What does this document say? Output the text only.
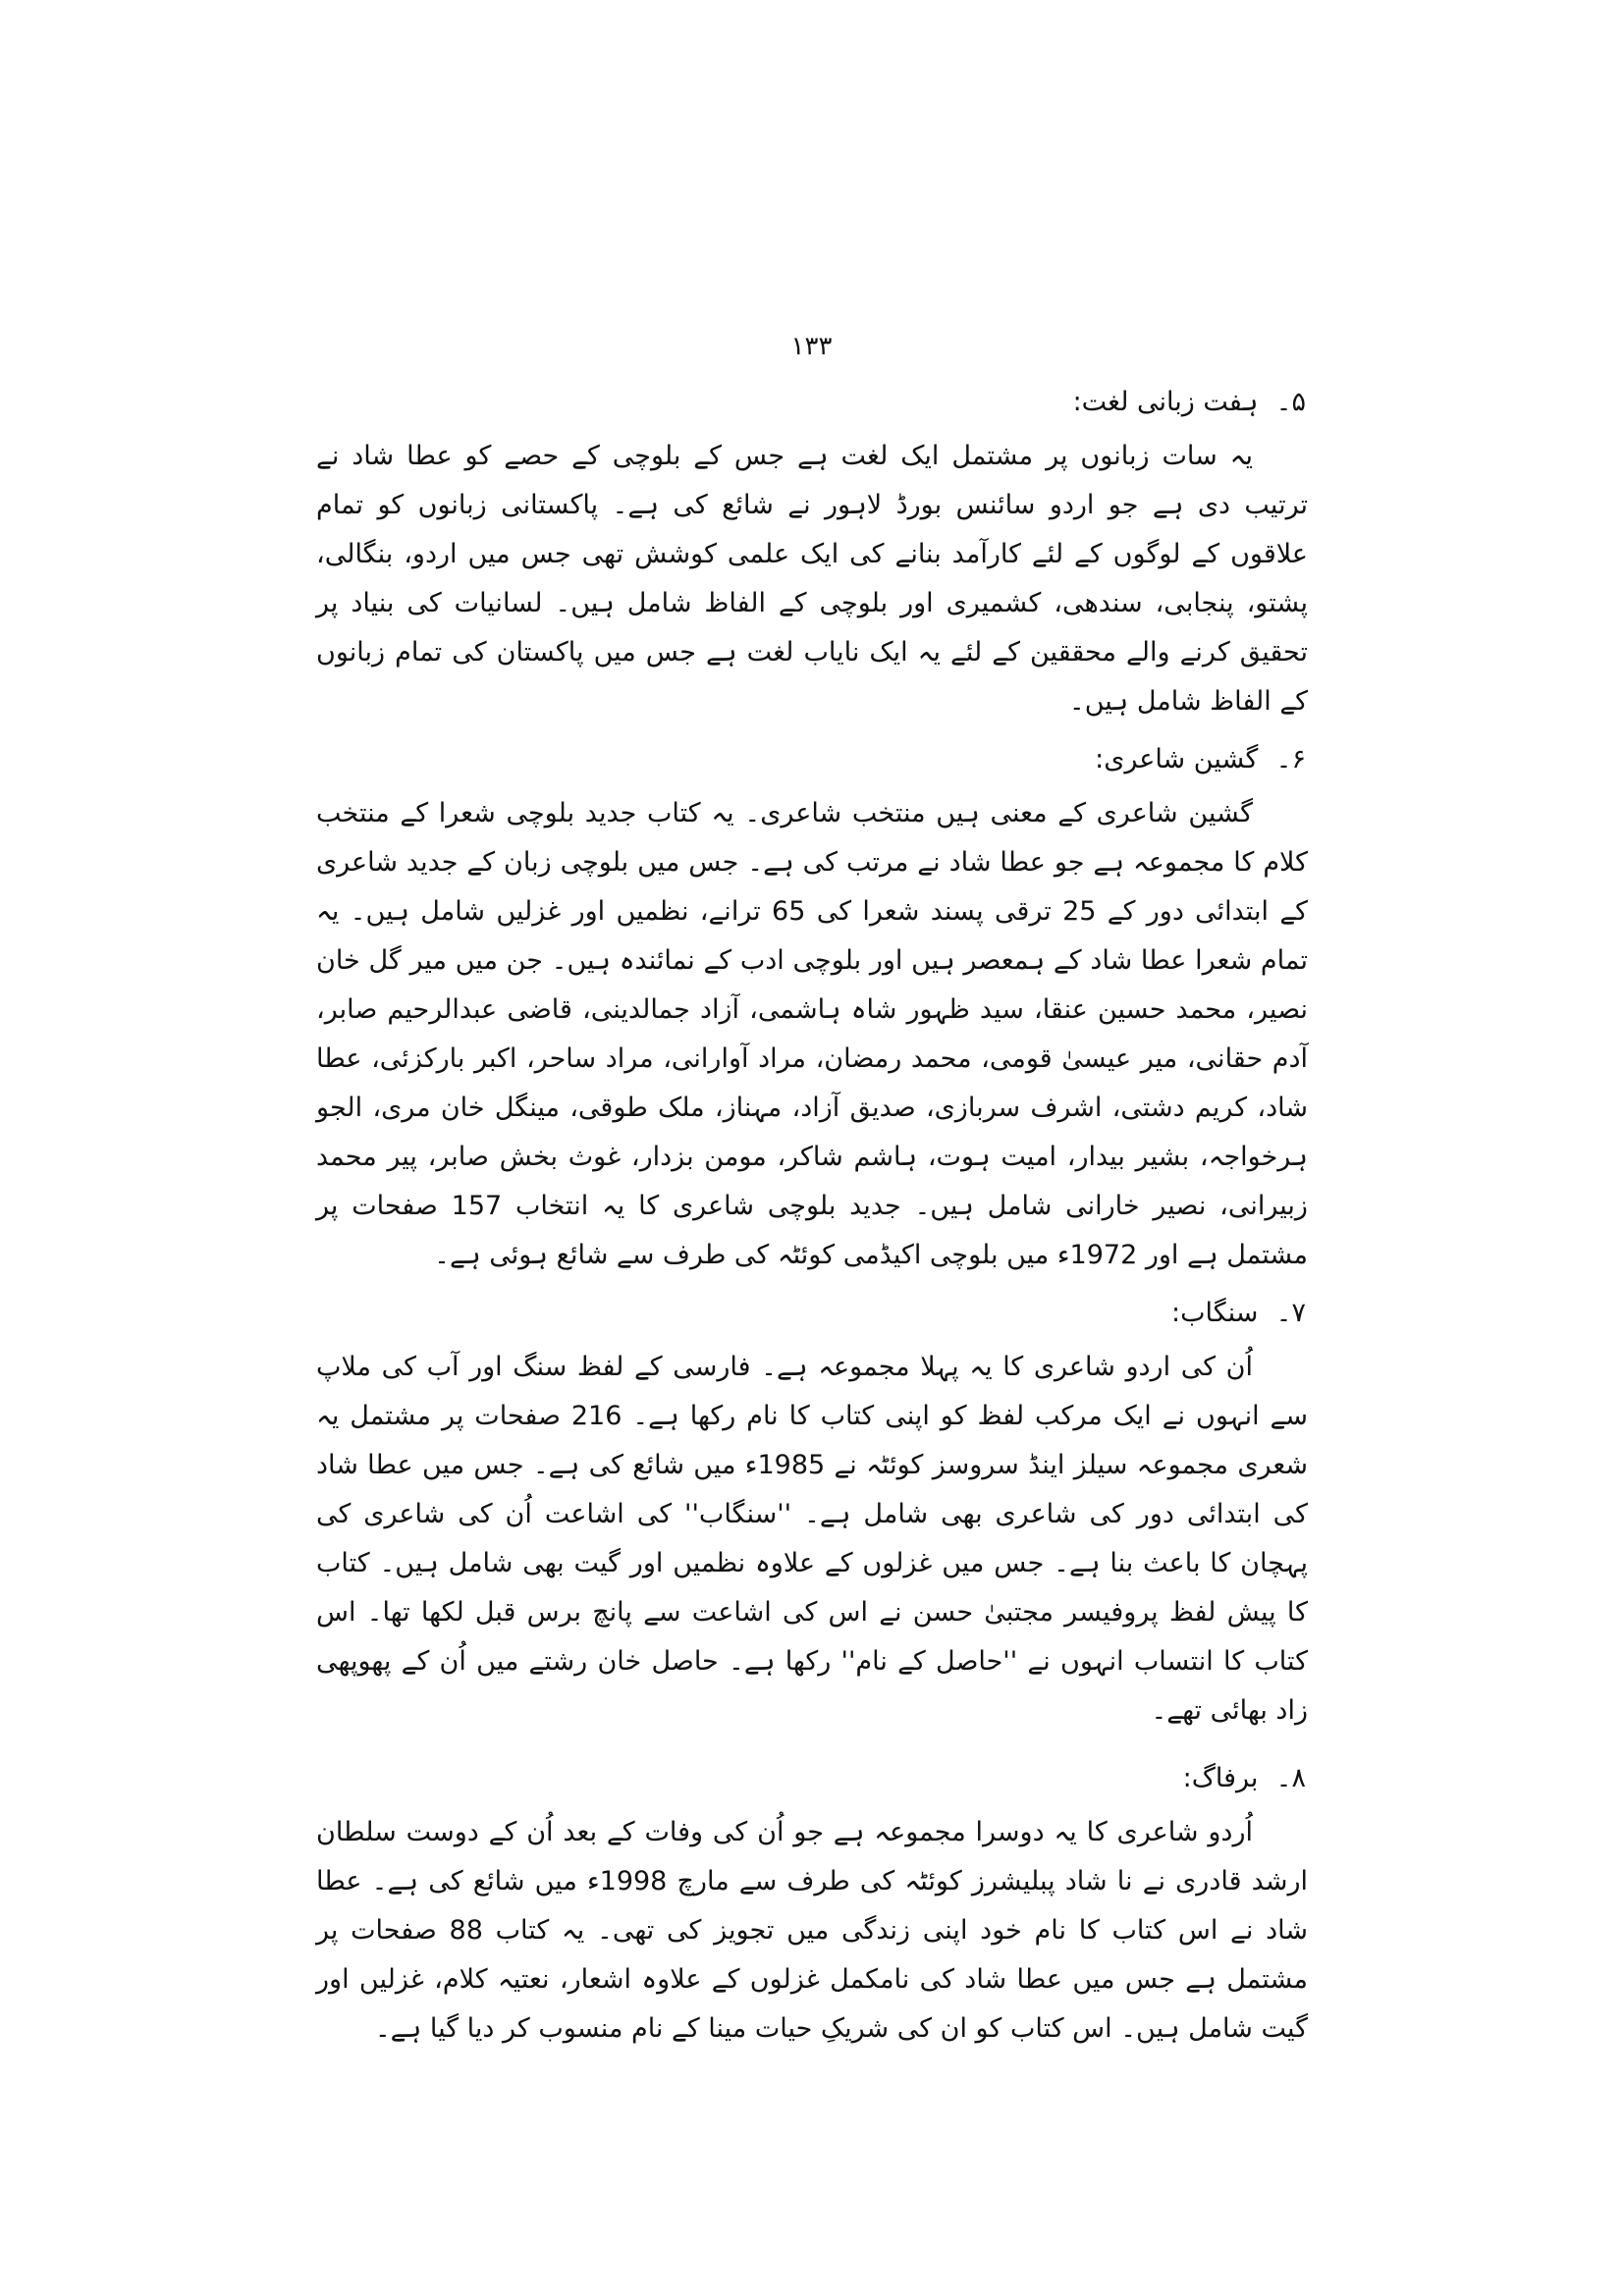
۱۳۳
۵۔ ہفت زبانی لغت:

یہ سات زبانوں پر مشتمل ایک لغت ہے جس کے بلوچی کے حصے کو عطا شاد نے ترتیب دی ہے جو اردو سائنس بورڈ لاہور نے شائع کی ہے۔ پاکستانی زبانوں کو تمام علاقوں کے لوگوں کے لئے کارآمد بنانے کی ایک علمی کوشش تھی جس میں اردو، بنگالی، پشتو، پنجابی، سندھی، کشمیری اور بلوچی کے الفاظ شامل ہیں۔ لسانیات کی بنیاد پر تحقیق کرنے والے محققین کے لئے یہ ایک نایاب لغت ہے جس میں پاکستان کی تمام زبانوں کے الفاظ شامل ہیں۔

۶۔ گشین شاعری:

گشین شاعری کے معنی ہیں منتخب شاعری۔ یہ کتاب جدید بلوچی شعرا کے منتخب کلام کا مجموعہ ہے جو عطا شاد نے مرتب کی ہے۔ جس میں بلوچی زبان کے جدید شاعری کے ابتدائی دور کے 25 ترقی پسند شعرا کی 65 ترانے، نظمیں اور غزلیں شامل ہیں۔ یہ تمام شعرا عطا شاد کے ہمعصر ہیں اور بلوچی ادب کے نمائندہ ہیں۔ جن میں میر گل خان نصیر، محمد حسین عنقا، سید ظہور شاہ ہاشمی، آزاد جمالدینی، قاضی عبدالرحیم صابر، آدم حقانی، میر عیسیٰ قومی، محمد رمضان، مراد آوارانی، مراد ساحر، اکبر بارکزئی، عطا شاد، کریم دشتی، اشرف سربازی، صدیق آزاد، مہناز، ملک طوقی، مینگل خان مری، الجو ہرخواجہ، بشیر بیدار، امیت ہوت، ہاشم شاکر، مومن بزدار، غوث بخش صابر، پیر محمد زبیرانی، نصیر خارانی شامل ہیں۔ جدید بلوچی شاعری کا یہ انتخاب 157 صفحات پر مشتمل ہے اور 1972ء میں بلوچی اکیڈمی کوئٹہ کی طرف سے شائع ہوئی ہے۔

۷۔ سنگاب:

اُن کی اردو شاعری کا یہ پہلا مجموعہ ہے۔ فارسی کے لفظ سنگ اور آب کی ملاپ سے انہوں نے ایک مرکب لفظ کو اپنی کتاب کا نام رکھا ہے۔ 216 صفحات پر مشتمل یہ شعری مجموعہ سیلز اینڈ سروسز کوئٹہ نے 1985ء میں شائع کی ہے۔ جس میں عطا شاد کی ابتدائی دور کی شاعری بھی شامل ہے۔ ''سنگاب'' کی اشاعت اُن کی شاعری کی پہچان کا باعث بنا ہے۔ جس میں غزلوں کے علاوہ نظمیں اور گیت بھی شامل ہیں۔ کتاب کا پیش لفظ پروفیسر مجتبیٰ حسن نے اس کی اشاعت سے پانچ برس قبل لکھا تھا۔ اس کتاب کا انتساب انہوں نے ''حاصل کے نام'' رکھا ہے۔ حاصل خان رشتے میں اُن کے پھوپھی زاد بھائی تھے۔

۸۔ برفاگ:

اُردو شاعری کا یہ دوسرا مجموعہ ہے جو اُن کی وفات کے بعد اُن کے دوست سلطان ارشد قادری نے نا شاد پبلیشرز کوئٹہ کی طرف سے مارچ 1998ء میں شائع کی ہے۔ عطا شاد نے اس کتاب کا نام خود اپنی زندگی میں تجویز کی تھی۔ یہ کتاب 88 صفحات پر مشتمل ہے جس میں عطا شاد کی نامکمل غزلوں کے علاوہ اشعار، نعتیہ کلام، غزلیں اور گیت شامل ہیں۔ اس کتاب کو ان کی شریکِ حیات مینا کے نام منسوب کر دیا گیا ہے۔
